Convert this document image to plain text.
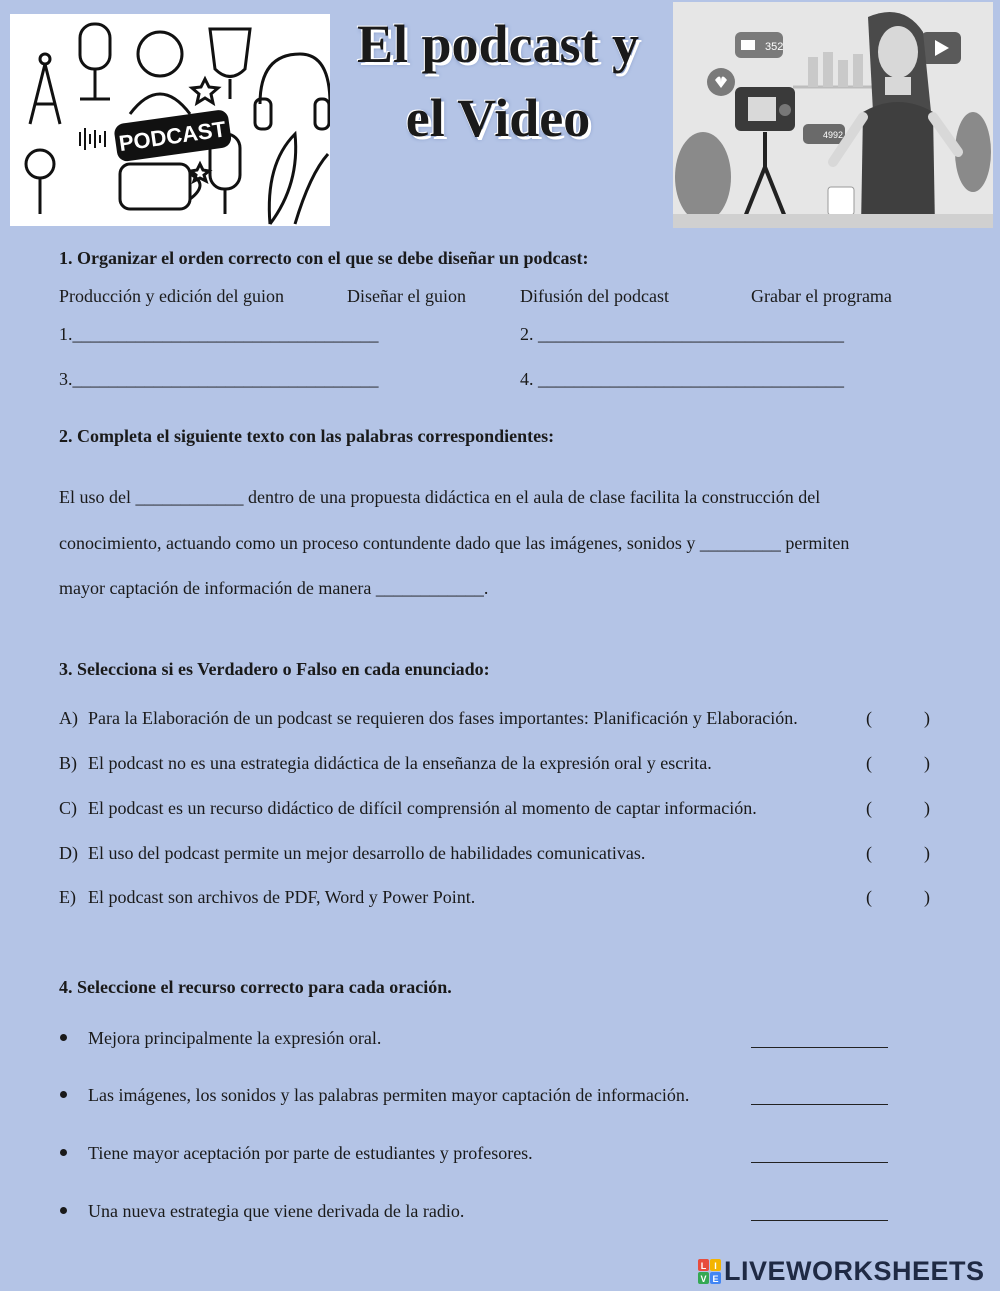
PODCAST
El podcast y
el Video
352
4992
1. Organizar el orden correcto con el que se debe diseñar un podcast:
Producción y edición del guion	Diseñar el guion	Difusión del podcast	Grabar el programa
1.__________________________________	2. __________________________________
3.__________________________________	4. __________________________________
2. Completa el siguiente texto con las palabras correspondientes:
El uso del ____________ dentro de una propuesta didáctica en el aula de clase facilita la construcción del
conocimiento, actuando como un proceso contundente dado que las imágenes, sonidos y _________ permiten
mayor captación de información de manera ____________.
3. Selecciona si es Verdadero o Falso en cada enunciado:
A) Para la Elaboración de un podcast se requieren dos fases importantes: Planificación y Elaboración.	(	)
B) El podcast no es una estrategia didáctica de la enseñanza de la expresión oral y escrita.	(	)
C) El podcast es un recurso didáctico de difícil comprensión al momento de captar información.	(	)
D) El uso del podcast permite un mejor desarrollo de habilidades comunicativas.	(	)
E) El podcast son archivos de PDF, Word y Power Point.	(	)
4. Seleccione el recurso correcto para cada oración.
Mejora principalmente la expresión oral.
Las imágenes, los sonidos y las palabras permiten mayor captación de información.
Tiene mayor aceptación por parte de estudiantes y profesores.
Una nueva estrategia que viene derivada de la radio.
L I
V E LIVEWORKSHEETS
